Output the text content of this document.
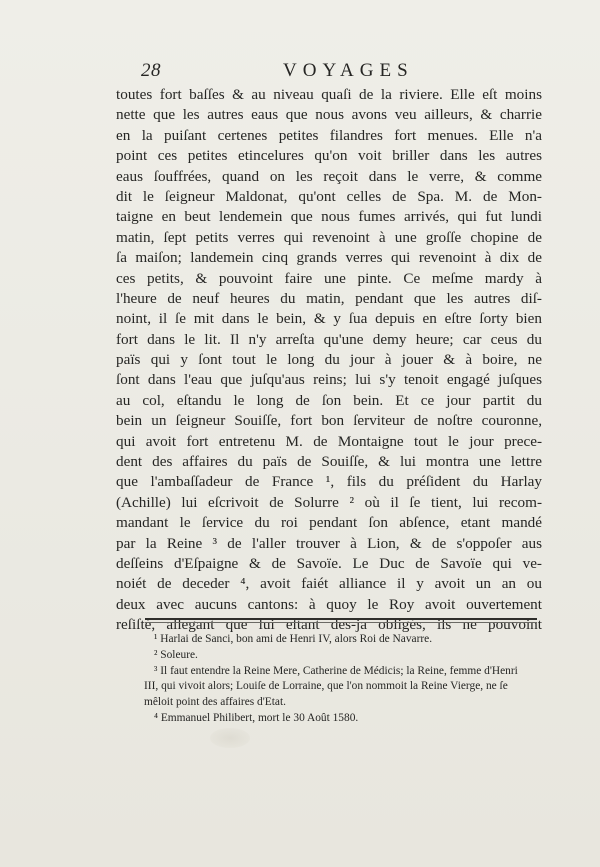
28	VOYAGES
toutes fort baſſes & au niveau quaſi de la riviere. Elle eſt moins
nette que les autres eaus que nous avons veu ailleurs, & charrie
en la puiſant certenes petites filandres fort menues. Elle n'a
point ces petites etincelures qu'on voit briller dans les autres
eaus ſouffrées, quand on les reçoit dans le verre, & comme
dit le ſeigneur Maldonat, qu'ont celles de Spa. M. de Mon-
taigne en beut lendemein que nous fumes arrivés, qui fut lundi
matin, ſept petits verres qui revenoint à une groſſe chopine de
ſa maiſon; landemein cinq grands verres qui revenoint à dix de
ces petits, & pouvoint faire une pinte. Ce meſme mardy à
l'heure de neuf heures du matin, pendant que les autres diſ-
noint, il ſe mit dans le bein, & y ſua depuis en eſtre ſorty bien
fort dans le lit. Il n'y arreſta qu'une demy heure; car ceus du
païs qui y ſont tout le long du jour à jouer & à boire, ne
ſont dans l'eau que juſqu'aus reins; lui s'y tenoit engagé juſques
au col, eſtandu le long de ſon bein. Et ce jour partit du
bein un ſeigneur Souiſſe, fort bon ſerviteur de noſtre couronne,
qui avoit fort entretenu M. de Montaigne tout le jour prece-
dent des affaires du païs de Souiſſe, & lui montra une lettre
que l'ambaſſadeur de France ¹, fils du préſident du Harlay
(Achille) lui eſcrivoit de Solurre ² où il ſe tient, lui recom-
mandant le ſervice du roi pendant ſon abſence, etant mandé
par la Reine ³ de l'aller trouver à Lion, & de s'oppoſer aus
deſſeins d'Eſpaigne & de Savoïe. Le Duc de Savoïe qui ve-
noiét de deceder ⁴, avoit faiét alliance il y avoit un an ou
deux avec aucuns cantons: à quoy le Roy avoit ouvertement
reſiſté, allegant que lui eſtant des-ja obligés, ils ne pouvoint
¹ Harlai de Sanci, bon ami de Henri IV, alors Roi de Navarre.
² Soleure.
³ Il faut entendre la Reine Mere, Catherine de Médicis; la Reine, femme d'Henri
III, qui vivoit alors; Louiſe de Lorraine, que l'on nommoit la Reine Vierge, ne ſe
mêloit point des affaires d'Etat.
⁴ Emmanuel Philibert, mort le 30 Août 1580.
